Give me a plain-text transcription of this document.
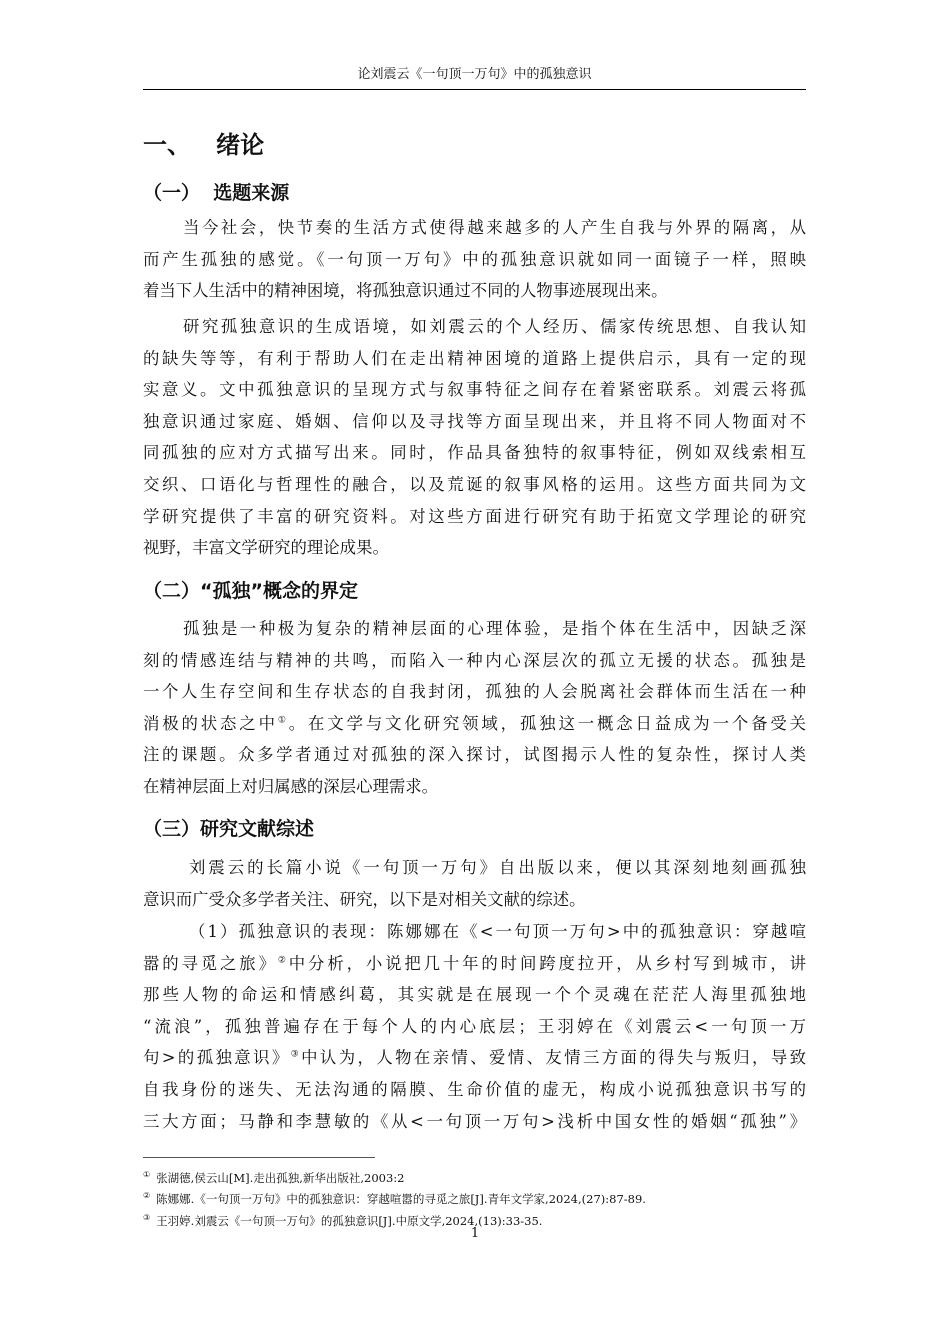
论刘震云《一句顶一万句》中的孤独意识
一、 绪论
（一） 选题来源
当今社会，快节奏的生活方式使得越来越多的人产生自我与外界的隔离，从
而产生孤独的感觉。《一句顶一万句》中的孤独意识就如同一面镜子一样，照映
着当下人生活中的精神困境，将孤独意识通过不同的人物事迹展现出来。
研究孤独意识的生成语境，如刘震云的个人经历、儒家传统思想、自我认知
的缺失等等，有利于帮助人们在走出精神困境的道路上提供启示，具有一定的现
实意义。文中孤独意识的呈现方式与叙事特征之间存在着紧密联系。刘震云将孤
独意识通过家庭、婚姻、信仰以及寻找等方面呈现出来，并且将不同人物面对不
同孤独的应对方式描写出来。同时，作品具备独特的叙事特征，例如双线索相互
交织、口语化与哲理性的融合，以及荒诞的叙事风格的运用。这些方面共同为文
学研究提供了丰富的研究资料。对这些方面进行研究有助于拓宽文学理论的研究
视野，丰富文学研究的理论成果。
（二）“孤独”概念的界定
孤独是一种极为复杂的精神层面的心理体验，是指个体在生活中，因缺乏深
刻的情感连结与精神的共鸣，而陷入一种内心深层次的孤立无援的状态。孤独是
一个人生存空间和生存状态的自我封闭，孤独的人会脱离社会群体而生活在一种
消极的状态之中①。在文学与文化研究领域，孤独这一概念日益成为一个备受关
注的课题。众多学者通过对孤独的深入探讨，试图揭示人性的复杂性，探讨人类
在精神层面上对归属感的深层心理需求。
（三）研究文献综述
刘震云的长篇小说《一句顶一万句》自出版以来，便以其深刻地刻画孤独
意识而广受众多学者关注、研究，以下是对相关文献的综述。
（1）孤独意识的表现：陈娜娜在《<一句顶一万句>中的孤独意识：穿越喧
嚣的寻觅之旅》②中分析，小说把几十年的时间跨度拉开，从乡村写到城市，讲
那些人物的命运和情感纠葛，其实就是在展现一个个灵魂在茫茫人海里孤独地
“流浪”，孤独普遍存在于每个人的内心底层；王羽婷在《刘震云<一句顶一万
句>的孤独意识》③中认为，人物在亲情、爱情、友情三方面的得失与叛归，导致
自我身份的迷失、无法沟通的隔膜、生命价值的虚无，构成小说孤独意识书写的
三大方面；马静和李慧敏的《从<一句顶一万句>浅析中国女性的婚姻“孤独”》
① 张湖德,侯云山[M].走出孤独,新华出版社,2003:2
② 陈娜娜.《一句顶一万句》中的孤独意识：穿越喧嚣的寻觅之旅[J].青年文学家,2024,(27):87-89.
③ 王羽婷.刘震云《一句顶一万句》的孤独意识[J].中原文学,2024,(13):33-35.
1
